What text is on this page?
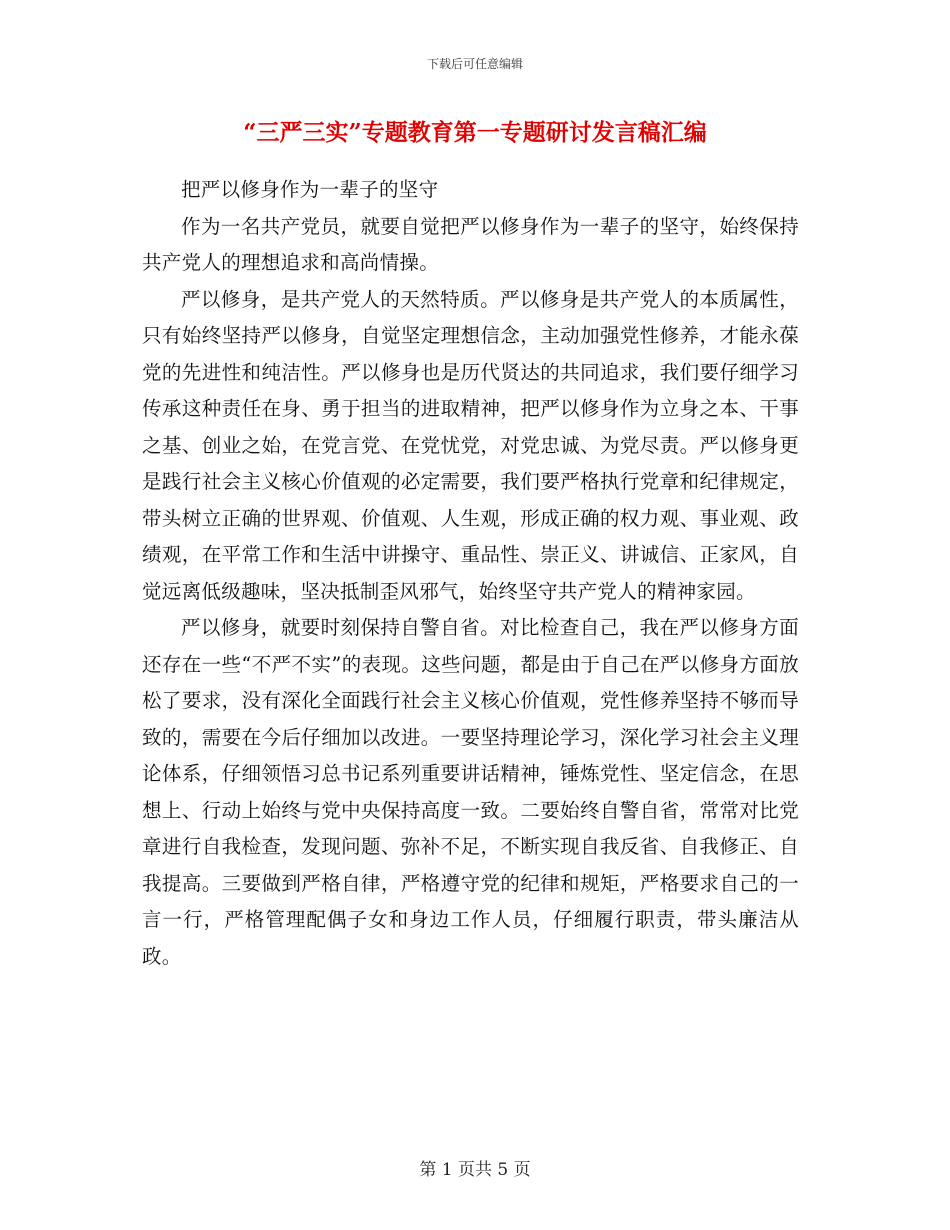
下载后可任意编辑
“三严三实”专题教育第一专题研讨发言稿汇编

把严以修身作为一辈子的坚守

作为一名共产党员，就要自觉把严以修身作为一辈子的坚守，始终保持共产党人的理想追求和高尚情操。

严以修身，是共产党人的天然特质。严以修身是共产党人的本质属性，只有始终坚持严以修身，自觉坚定理想信念，主动加强党性修养，才能永葆党的先进性和纯洁性。严以修身也是历代贤达的共同追求，我们要仔细学习传承这种责任在身、勇于担当的进取精神，把严以修身作为立身之本、干事之基、创业之始，在党言党、在党忧党，对党忠诚、为党尽责。严以修身更是践行社会主义核心价值观的必定需要，我们要严格执行党章和纪律规定，带头树立正确的世界观、价值观、人生观，形成正确的权力观、事业观、政绩观，在平常工作和生活中讲操守、重品性、崇正义、讲诚信、正家风，自觉远离低级趣味，坚决抵制歪风邪气，始终坚守共产党人的精神家园。

严以修身，就要时刻保持自警自省。对比检查自己，我在严以修身方面还存在一些“不严不实”的表现。这些问题，都是由于自己在严以修身方面放松了要求，没有深化全面践行社会主义核心价值观，党性修养坚持不够而导致的，需要在今后仔细加以改进。一要坚持理论学习，深化学习社会主义理论体系，仔细领悟习总书记系列重要讲话精神，锤炼党性、坚定信念，在思想上、行动上始终与党中央保持高度一致。二要始终自警自省，常常对比党章进行自我检查，发现问题、弥补不足，不断实现自我反省、自我修正、自我提高。三要做到严格自律，严格遵守党的纪律和规矩，严格要求自己的一言一行，严格管理配偶子女和身边工作人员，仔细履行职责，带头廉洁从政。

第 1 页共 5 页
